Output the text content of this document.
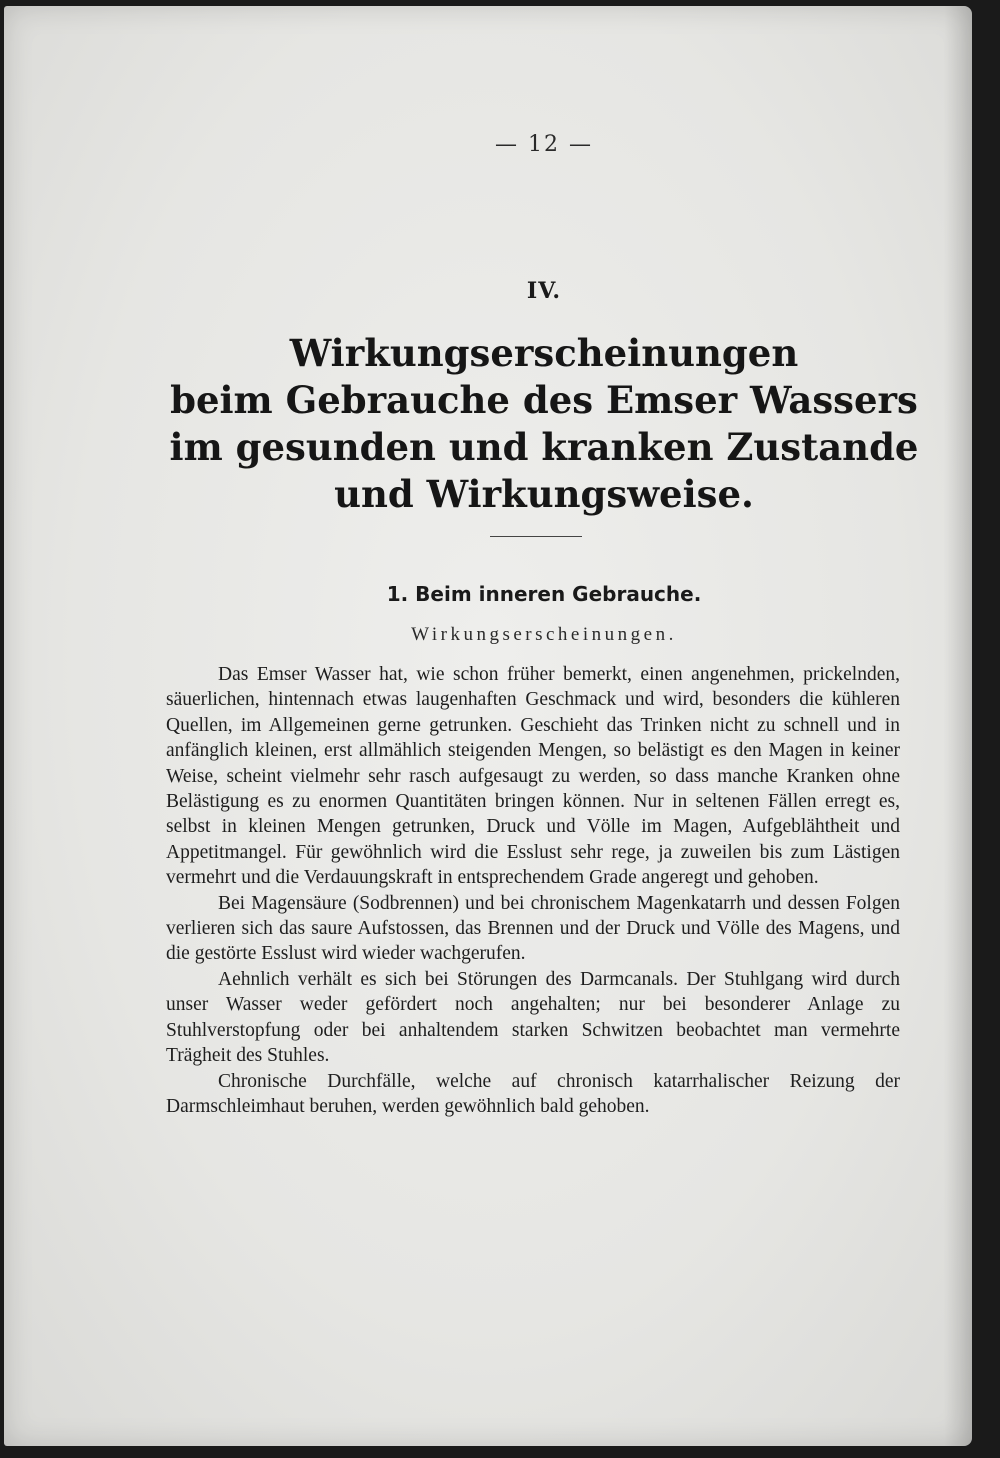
— 12 —
IV.
Wirkungserscheinungen
beim Gebrauche des Emser Wassers
im gesunden und kranken Zustande
und Wirkungsweise.
1. Beim inneren Gebrauche.
Wirkungserscheinungen.

Das Emser Wasser hat, wie schon früher bemerkt, einen angenehmen, prickelnden, säuerlichen, hintennach etwas laugenhaften Geschmack und wird, besonders die kühleren Quellen, im Allgemeinen gerne getrunken. Geschieht das Trinken nicht zu schnell und in anfänglich kleinen, erst allmählich steigenden Mengen, so belästigt es den Magen in keiner Weise, scheint vielmehr sehr rasch aufgesaugt zu werden, so dass manche Kranken ohne Belästigung es zu enormen Quantitäten bringen können. Nur in seltenen Fällen erregt es, selbst in kleinen Mengen getrunken, Druck und Völle im Magen, Aufgeblähtheit und Appetitmangel. Für gewöhnlich wird die Esslust sehr rege, ja zuweilen bis zum Lästigen vermehrt und die Verdauungskraft in entsprechendem Grade angeregt und gehoben.

Bei Magensäure (Sodbrennen) und bei chronischem Magenkatarrh und dessen Folgen verlieren sich das saure Aufstossen, das Brennen und der Druck und Völle des Magens, und die gestörte Esslust wird wieder wachgerufen.

Aehnlich verhält es sich bei Störungen des Darmcanals. Der Stuhlgang wird durch unser Wasser weder gefördert noch angehalten; nur bei besonderer Anlage zu Stuhlverstopfung oder bei anhaltendem starken Schwitzen beobachtet man vermehrte Trägheit des Stuhles.

Chronische Durchfälle, welche auf chronisch katarrhalischer Reizung der Darmschleimhaut beruhen, werden gewöhnlich bald gehoben.
